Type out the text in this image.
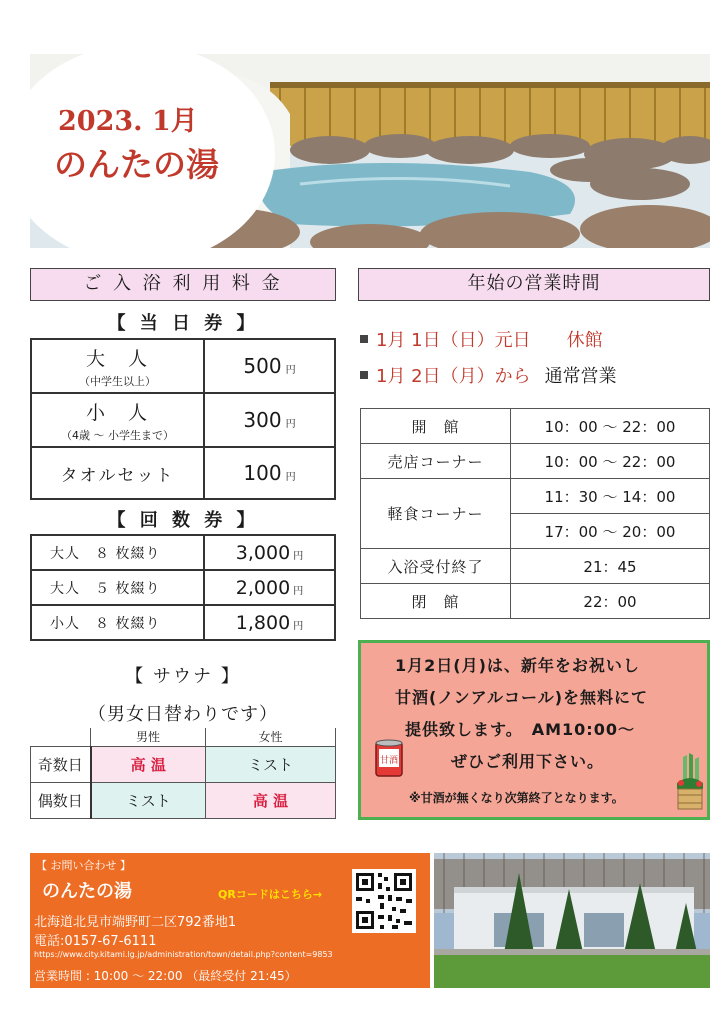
2023. 1月
のんたの湯
ご 入 浴 利 用 料 金
【 当 日 券 】
大　人
（中学生以上）	500 円
小　人
（4歳 ～ 小学生まで）	300 円
タオルセット	100 円
【 回 数 券 】
大人　８ 枚綴り	3,000 円
大人　５ 枚綴り	2,000 円
小人　８ 枚綴り	1,800 円
【 サウナ 】
（男女日替わりです）
	男性	女性
奇数日	高 温	ミスト
偶数日	ミスト	高 温
年始の営業時間
1月 1日（日）元日 休館
1月 2日（月）から 通常営業
開　館	10：00 ～ 22：00
売店コーナー	10：00 ～ 22：00
軽食コーナー	11：30 ～ 14：00
	17：00 ～ 20：00
入浴受付終了	21：45
閉　館	22：00
1月2日(月)は、新年をお祝いし
甘酒(ノンアルコール)を無料にて
提供致します。　AM10:00～
ぜひご利用下さい。
※甘酒が無くなり次第終了となります。
甘酒
【 お問い合わせ 】
のんたの湯	QRコードはこちら→
北海道北見市端野町二区792番地1
電話:0157-67-6111
https://www.city.kitami.lg.jp/administration/town/detail.php?content=9853
営業時間 : 10:00 ～ 22:00 （最終受付 21:45）
